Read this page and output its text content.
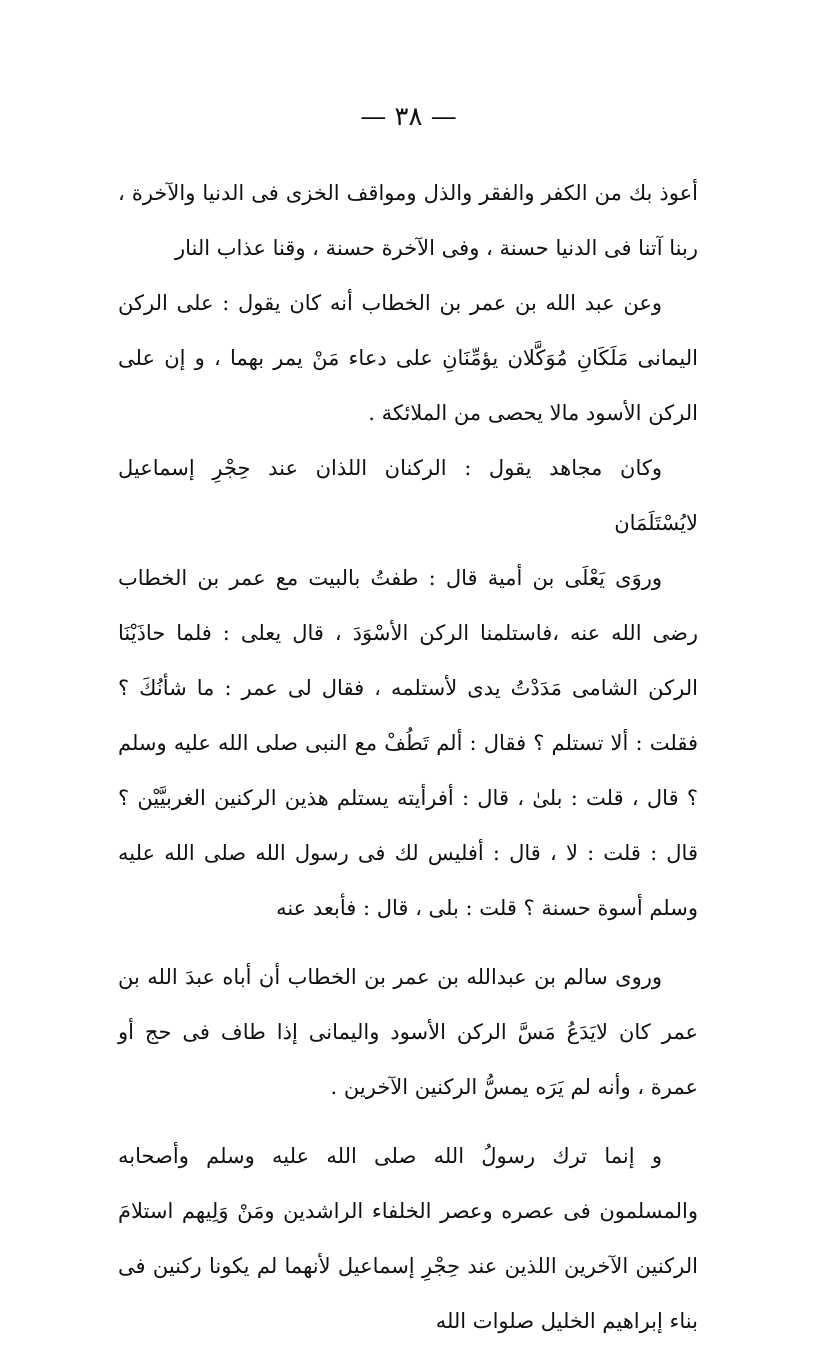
— ٣٨ —

أعوذ بك من الكفر والفقر والذل ومواقف الخزى فى الدنيا والآخرة ، ربنا آتنا فى الدنيا حسنة ، وفى الآخرة حسنة ، وقنا عذاب النار

وعن عبد الله بن عمر بن الخطاب أنه كان يقول : على الركن اليمانى مَلَكَانِ مُوَكَّلان يؤمِّنَانِ على دعاء مَنْ يمر بهما ، و إن على الركن الأسود مالا يحصى من الملائكة .

وكان مجاهد يقول : الركنان اللذان عند حِجْرِ إسماعيل لايُسْتَلَمَان

وروَى يَعْلَى بن أمية قال : طفتُ بالبيت مع عمر بن الخطاب رضى الله عنه ،فاستلمنا الركن الأسْوَدَ ، قال يعلى : فلما حاذَيْنَا الركن الشامى مَدَدْتُ يدى لأستلمه ، فقال لى عمر : ما شأنُكَ ؟ فقلت : ألا تستلم ؟ فقال : ألم تَطُفْ مع النبى صلى الله عليه وسلم ؟ قال ، قلت : بلىٰ ، قال : أفرأيته يستلم هذين الركنين الغربيَّيْن ؟ قال : قلت : لا ، قال : أفليس لك فى رسول الله صلى الله عليه وسلم أسوة حسنة ؟ قلت : بلى ، قال : فأبعد عنه

وروى سالم بن عبدالله بن عمر بن الخطاب أن أباه عبدَ الله بن عمر كان لايَدَعُ مَسَّ الركن الأسود واليمانى إذا طاف فى حج أو عمرة ، وأنه لم يَرَه يمسُّ الركنين الآخرين .

و إنما ترك رسولُ الله صلى الله عليه وسلم وأصحابه والمسلمون فى عصره وعصر الخلفاء الراشدين ومَنْ وَلِيهم استلامَ الركنين الآخرين اللذين عند حِجْرِ إسماعيل لأنهما لم يكونا ركنين فى بناء إبراهيم الخليل صلوات الله
